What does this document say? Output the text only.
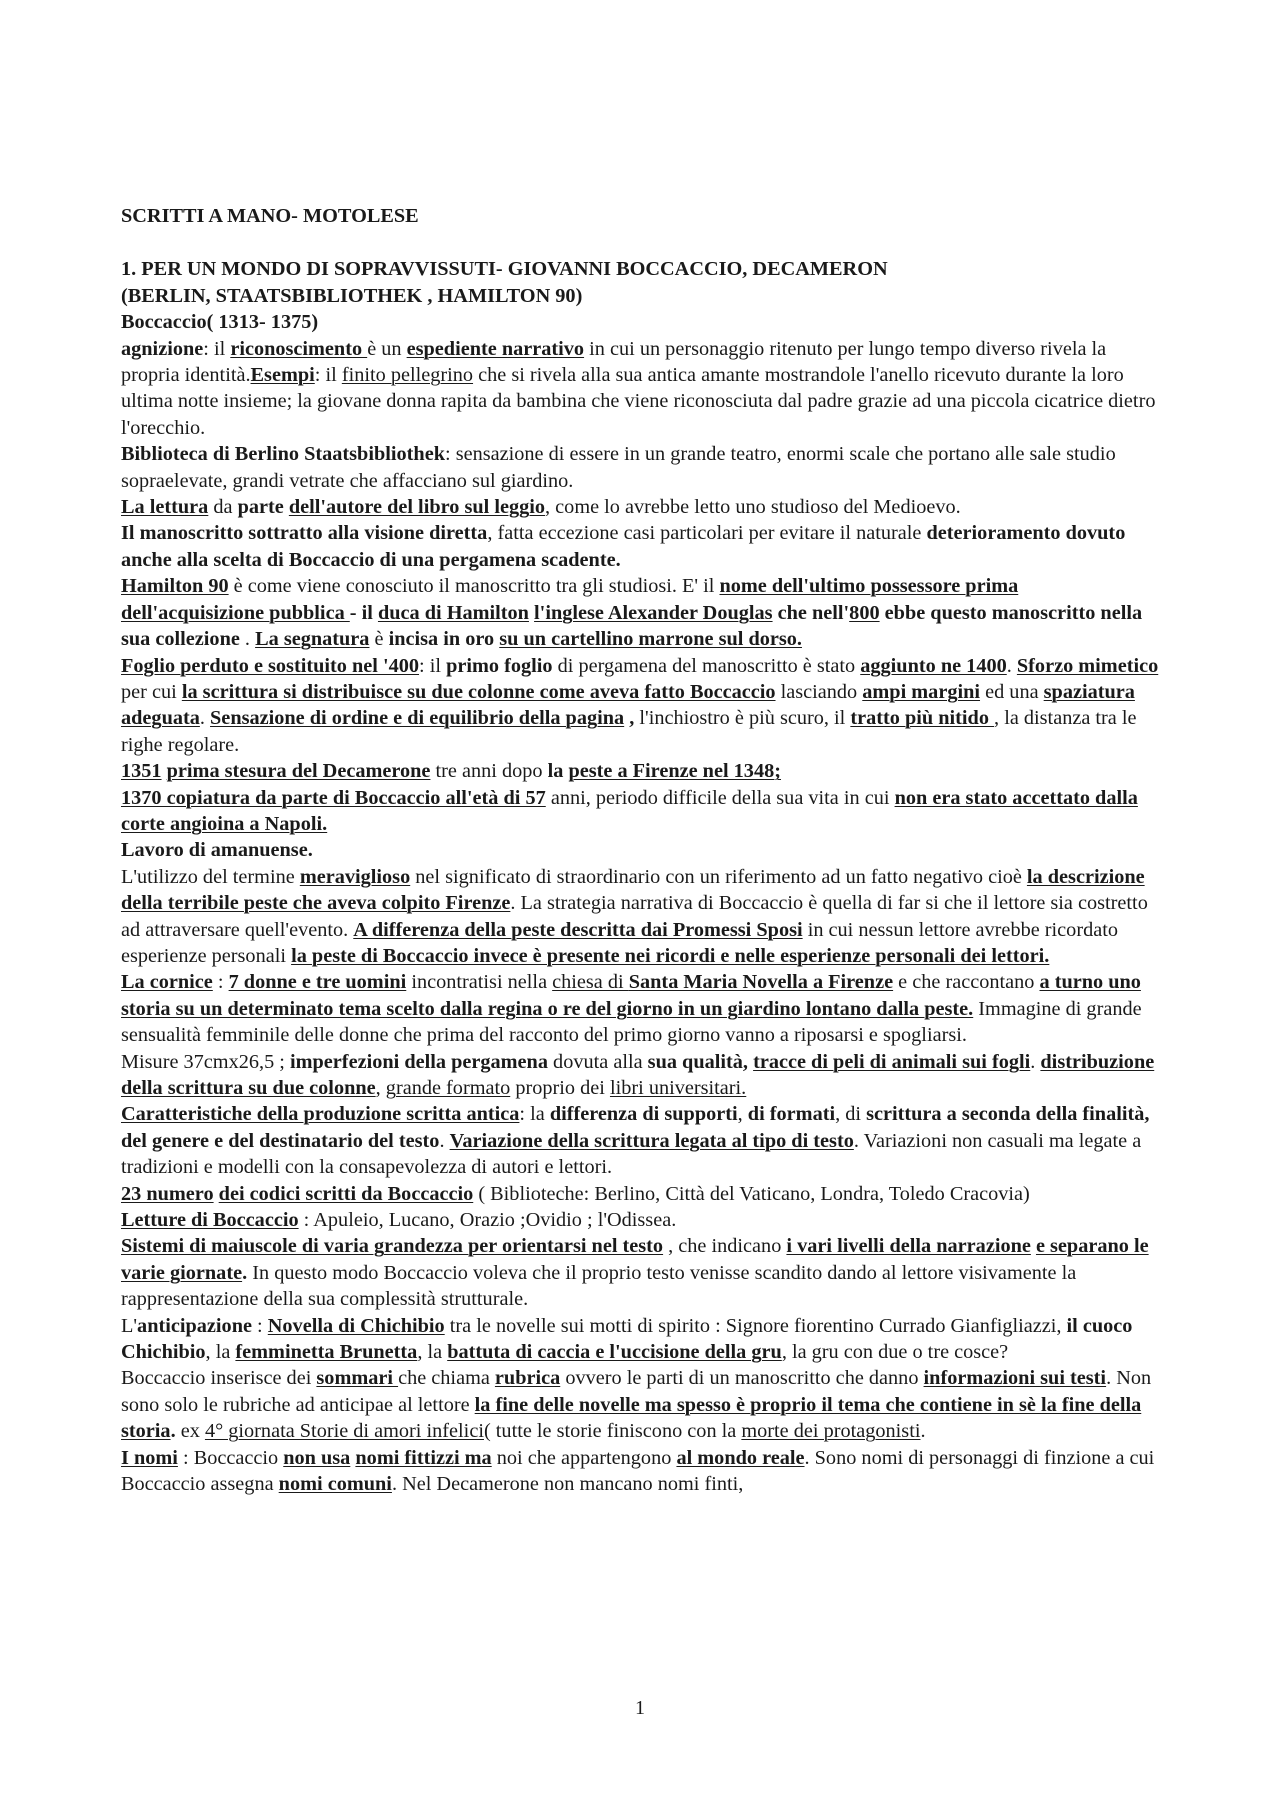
SCRITTI A MANO- MOTOLESE

1. PER UN MONDO DI SOPRAVVISSUTI- GIOVANNI BOCCACCIO, DECAMERON

(BERLIN, STAATSBIBLIOTHEK , HAMILTON 90)

Boccaccio( 1313- 1375)

agnizione: il riconoscimento è un espediente narrativo in cui un personaggio ritenuto per lungo tempo diverso rivela la propria identità.Esempi: il finito pellegrino che si rivela alla sua antica amante mostrandole l'anello ricevuto durante la loro ultima notte insieme; la giovane donna rapita da bambina che viene riconosciuta dal padre grazie ad una piccola cicatrice dietro l'orecchio.

Biblioteca di Berlino Staatsbibliothek: sensazione di essere in un grande teatro, enormi scale che portano alle sale studio sopraelevate, grandi vetrate che affacciano sul giardino.

La lettura da parte dell'autore del libro sul leggio, come lo avrebbe letto uno studioso del Medioevo.

Il manoscritto sottratto alla visione diretta, fatta eccezione casi particolari per evitare il naturale deterioramento dovuto anche alla scelta di Boccaccio di una pergamena scadente.

Hamilton 90 è come viene conosciuto il manoscritto tra gli studiosi. E' il nome dell'ultimo possessore prima dell'acquisizione pubblica - il duca di Hamilton l'inglese Alexander Douglas che nell'800 ebbe questo manoscritto nella sua collezione . La segnatura è incisa in oro su un cartellino marrone sul dorso.

Foglio perduto e sostituito nel '400: il primo foglio di pergamena del manoscritto è stato aggiunto ne 1400. Sforzo mimetico per cui la scrittura si distribuisce su due colonne come aveva fatto Boccaccio lasciando ampi margini ed una spaziatura adeguata. Sensazione di ordine e di equilibrio della pagina , l'inchiostro è più scuro, il tratto più nitido , la distanza tra le righe regolare.

1351 prima stesura del Decamerone tre anni dopo la peste a Firenze nel 1348;

1370 copiatura da parte di Boccaccio all'età di 57 anni, periodo difficile della sua vita in cui non era stato accettato dalla corte angioina a Napoli.

Lavoro di amanuense.

L'utilizzo del termine meraviglioso nel significato di straordinario con un riferimento ad un fatto negativo cioè la descrizione della terribile peste che aveva colpito Firenze. La strategia narrativa di Boccaccio è quella di far si che il lettore sia costretto ad attraversare quell'evento. A differenza della peste descritta dai Promessi Sposi in cui nessun lettore avrebbe ricordato esperienze personali la peste di Boccaccio invece è presente nei ricordi e nelle esperienze personali dei lettori.

La cornice : 7 donne e tre uomini incontratisi nella chiesa di Santa Maria Novella a Firenze e che raccontano a turno uno storia su un determinato tema scelto dalla regina o re del giorno in un giardino lontano dalla peste. Immagine di grande sensualità femminile delle donne che prima del racconto del primo giorno vanno a riposarsi e spogliarsi.

Misure 37cmx26,5 ; imperfezioni della pergamena dovuta alla sua qualità, tracce di peli di animali sui fogli. distribuzione della scrittura su due colonne, grande formato proprio dei libri universitari.

Caratteristiche della produzione scritta antica: la differenza di supporti, di formati, di scrittura a seconda della finalità, del genere e del destinatario del testo. Variazione della scrittura legata al tipo di testo. Variazioni non casuali ma legate a tradizioni e modelli con la consapevolezza di autori e lettori.

23 numero dei codici scritti da Boccaccio ( Biblioteche: Berlino, Città del Vaticano, Londra, Toledo Cracovia)

Letture di Boccaccio : Apuleio, Lucano, Orazio ;Ovidio ; l'Odissea.

Sistemi di maiuscole di varia grandezza per orientarsi nel testo , che indicano i vari livelli della narrazione e separano le varie giornate. In questo modo Boccaccio voleva che il proprio testo venisse scandito dando al lettore visivamente la rappresentazione della sua complessità strutturale.

L'anticipazione : Novella di Chichibio tra le novelle sui motti di spirito : Signore fiorentino Currado Gianfigliazzi, il cuoco Chichibio, la femminetta Brunetta, la battuta di caccia e l'uccisione della gru, la gru con due o tre cosce?

Boccaccio inserisce dei sommari che chiama rubrica ovvero le parti di un manoscritto che danno informazioni sui testi. Non sono solo le rubriche ad anticipae al lettore la fine delle novelle ma spesso è proprio il tema che contiene in sè la fine della storia. ex 4° giornata Storie di amori infelici( tutte le storie finiscono con la morte dei protagonisti.

I nomi : Boccaccio non usa nomi fittizzi ma noi che appartengono al mondo reale. Sono nomi di personaggi di finzione a cui Boccaccio assegna nomi comuni. Nel Decamerone non mancano nomi finti,

1
